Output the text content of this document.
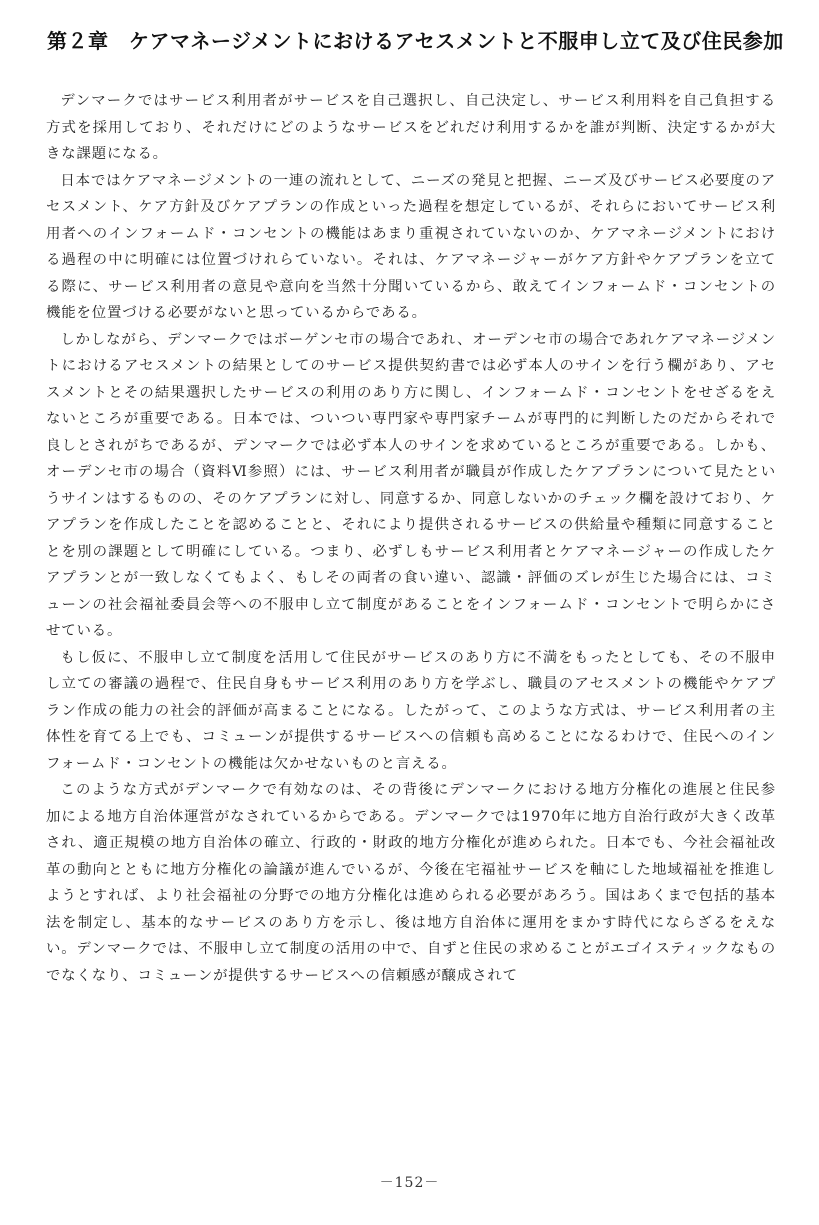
第２章　ケアマネージメントにおけるアセスメントと不服申し立て及び住民参加

デンマークではサービス利用者がサービスを自己選択し、自己決定し、サービス利用料を自己負担する方式を採用しており、それだけにどのようなサービスをどれだけ利用するかを誰が判断、決定するかが大きな課題になる。

日本ではケアマネージメントの一連の流れとして、ニーズの発見と把握、ニーズ及びサービス必要度のアセスメント、ケア方針及びケアプランの作成といった過程を想定しているが、それらにおいてサービス利用者へのインフォームド・コンセントの機能はあまり重視されていないのか、ケアマネージメントにおける過程の中に明確には位置づけれらていない。それは、ケアマネージャーがケア方針やケアプランを立てる際に、サービス利用者の意見や意向を当然十分聞いているから、敢えてインフォームド・コンセントの機能を位置づける必要がないと思っているからである。

しかしながら、デンマークではボーゲンセ市の場合であれ、オーデンセ市の場合であれケアマネージメントにおけるアセスメントの結果としてのサービス提供契約書では必ず本人のサインを行う欄があり、アセスメントとその結果選択したサービスの利用のあり方に関し、インフォームド・コンセントをせざるをえないところが重要である。日本では、ついつい専門家や専門家チームが専門的に判断したのだからそれで良しとされがちであるが、デンマークでは必ず本人のサインを求めているところが重要である。しかも、オーデンセ市の場合（資料Ⅵ参照）には、サービス利用者が職員が作成したケアプランについて見たというサインはするものの、そのケアプランに対し、同意するか、同意しないかのチェック欄を設けており、ケアプランを作成したことを認めることと、それにより提供されるサービスの供給量や種類に同意することとを別の課題として明確にしている。つまり、必ずしもサービス利用者とケアマネージャーの作成したケアプランとが一致しなくてもよく、もしその両者の食い違い、認識・評価のズレが生じた場合には、コミューンの社会福祉委員会等への不服申し立て制度があることをインフォームド・コンセントで明らかにさせている。

もし仮に、不服申し立て制度を活用して住民がサービスのあり方に不満をもったとしても、その不服申し立ての審議の過程で、住民自身もサービス利用のあり方を学ぶし、職員のアセスメントの機能やケアプラン作成の能力の社会的評価が高まることになる。したがって、このような方式は、サービス利用者の主体性を育てる上でも、コミューンが提供するサービスへの信頼も高めることになるわけで、住民へのインフォームド・コンセントの機能は欠かせないものと言える。

このような方式がデンマークで有効なのは、その背後にデンマークにおける地方分権化の進展と住民参加による地方自治体運営がなされているからである。デンマークでは1970年に地方自治行政が大きく改革され、適正規模の地方自治体の確立、行政的・財政的地方分権化が進められた。日本でも、今社会福祉改革の動向とともに地方分権化の論議が進んでいるが、今後在宅福祉サービスを軸にした地域福祉を推進しようとすれば、より社会福祉の分野での地方分権化は進められる必要があろう。国はあくまで包括的基本法を制定し、基本的なサービスのあり方を示し、後は地方自治体に運用をまかす時代にならざるをえない。デンマークでは、不服申し立て制度の活用の中で、自ずと住民の求めることがエゴイスティックなものでなくなり、コミューンが提供するサービスへの信頼感が醸成されて

－152－
